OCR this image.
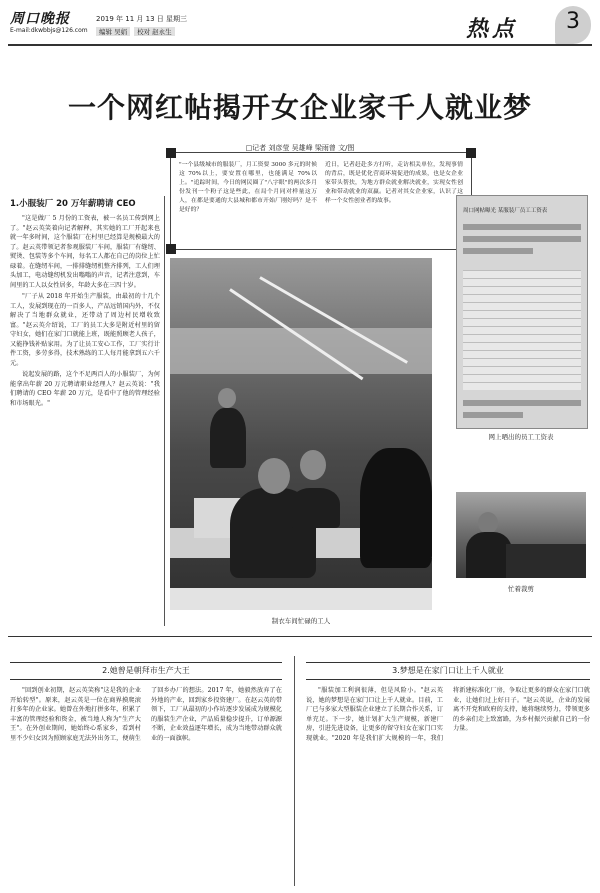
周口晚报
E-mail:dkwbbjs@126.com
2019 年 11 月 13 日 星期三
编辑 吴娟 校对 赵永生	热点	3
一个网红帖揭开女企业家千人就业梦
□记者 刘彦莹 吴雄峰 梁雨曾 文/图
"一个县级城市的服装厂，月工资要 3000 多元的时候这 70%以上，要安置在哪里，也能满足 70%以上。"追踪时间，今日的网民圈了"八字眼"的两次多月份发刊一个粉子这是些此，在局个月同对样量这万人，在都是要通的大县城和都市开始厂刚好吗？是不是好的？
近日，记者赶赴多方打听，走访相关单位，发现事情的背后，既是优化营商环境促进的成果，也是女企业家带头帮扶，为地方群众就业解决就业，实现女性创业和带动就业的双赢。记者对其女企业家，认识了这样一个女性创业者的故事。
1.小服装厂 20 万年薪聘请 CEO

"这是做厂 5 月份的工资表，被一名员工传到网上了。"赵云英笑着向记者解释，其实她的工厂开起来也就一年多时间，这个服装厂在村里已经算是规模最大的了。赵云英带领记者参观服装厂车间，服装厂有缝纫、熨烫、包装等多个车间，每名工人都在自己的岗位上忙碌着。在缝纫车间，一排排缝纫机整齐排列，工人们埋头加工，电动缝纫机发出嗡嗡的声音，记者注意到，车间里的工人以女性居多，年龄大多在三四十岁。

"厂子从 2018 年开始生产服装，由最初的十几个工人，发展到现在的一百多人，产品远销国内外，不仅解决了当地群众就业，还带动了周边村民增收致富。"赵云英介绍说，工厂的员工大多是附近村里的留守妇女，她们在家门口就能上班，既能照顾老人孩子，又能挣钱补贴家用。为了让员工安心工作，工厂实行计件工资，多劳多得，技术熟练的工人每月能拿到五六千元。

说起发展的路，这个不足两百人的小服装厂，为何能拿出年薪 20 万元聘请职业经理人？赵云英说："我们聘请的 CEO 年薪 20 万元，是看中了他的管理经验和市场眼光。"

制衣车间忙碌的工人
周口网帖曝光 某服装厂员工工资表
网上晒出的员工工资表
忙着裁剪
2.她曾是朝拜市生产大王

"回到创业初期，赵云英笑称"这是我的企业开始转型"。原来，赵云英是一位在商界摸爬滚打多年的企业家。她曾在外地打拼多年，积累了丰富的管理经验和资金，被当地人称为"生产大王"。在外创业期间，她始终心系家乡，看到村里不少妇女因为照顾家庭无法外出务工，便萌生了回乡办厂的想法。2017 年，她毅然放弃了在外地的产业，回到家乡投资建厂。在赵云英的带领下，工厂从最初的小作坊逐步发展成为规模化的服装生产企业，产品质量稳步提升，订单源源不断，企业效益逐年增长，成为当地带动群众就业的一面旗帜。

3.梦想是在家门口让上千人就业

"服装加工利润很薄，但是风险小。"赵云英说，她的梦想是在家门口让上千人就业。目前，工厂已与多家大型服装企业建立了长期合作关系，订单充足。下一步，她计划扩大生产规模，新建厂房，引进先进设备，让更多的留守妇女在家门口实现就业。"2020 年是我们扩大规模的一年，我们将新建标准化厂房，争取让更多的群众在家门口就业，让她们过上好日子。"赵云英说，企业的发展离不开党和政府的支持，她将继续努力，带领更多的乡亲们走上致富路，为乡村振兴贡献自己的一份力量。
